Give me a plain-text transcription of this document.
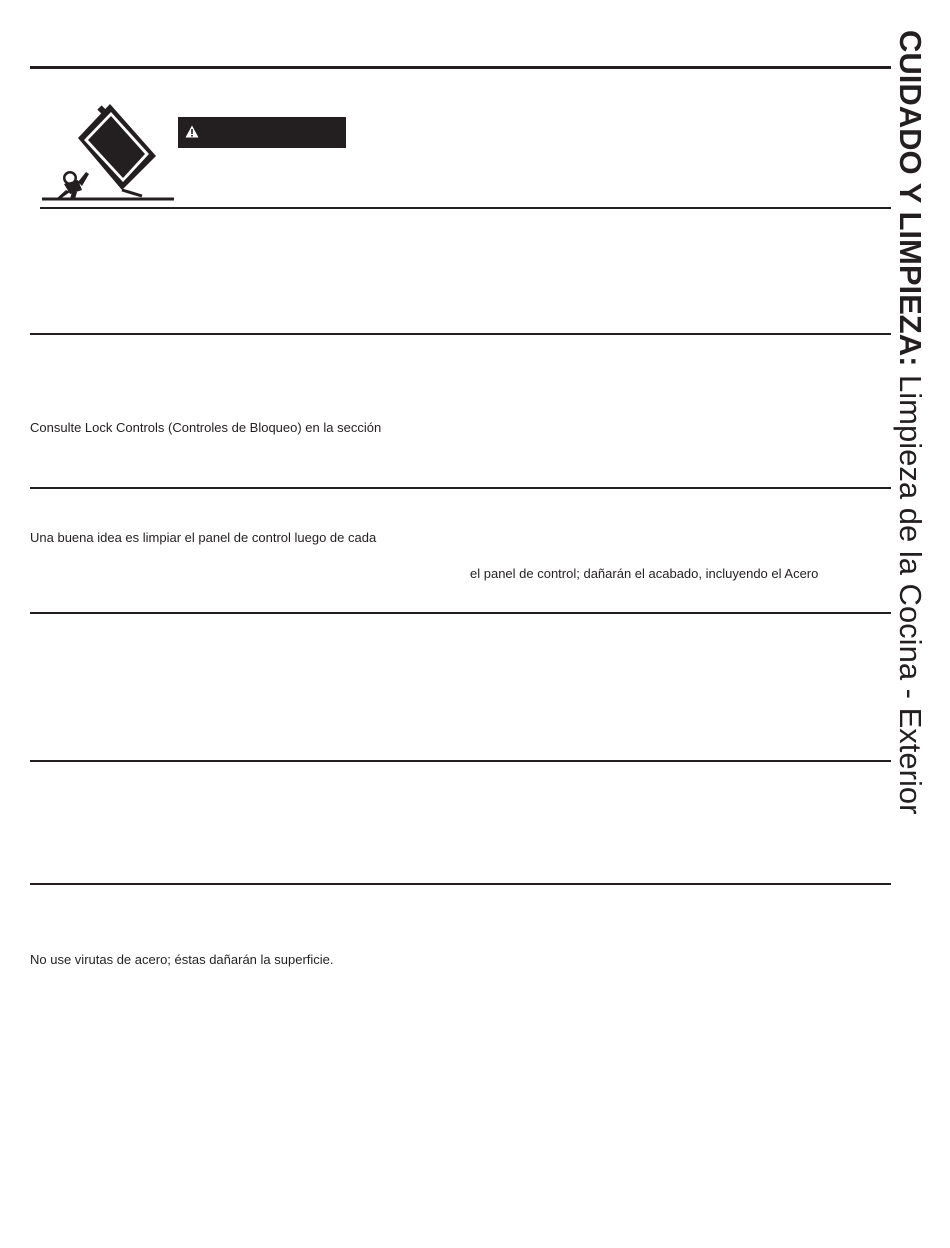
Consulte Lock Controls (Controles de Bloqueo) en la sección
Una buena idea es limpiar el panel de control luego de cada
el panel de control; dañarán el acabado, incluyendo el Acero
No use virutas de acero; éstas dañarán la superficie.
CUIDADO Y LIMPIEZA: Limpieza de la Cocina - Exterior
